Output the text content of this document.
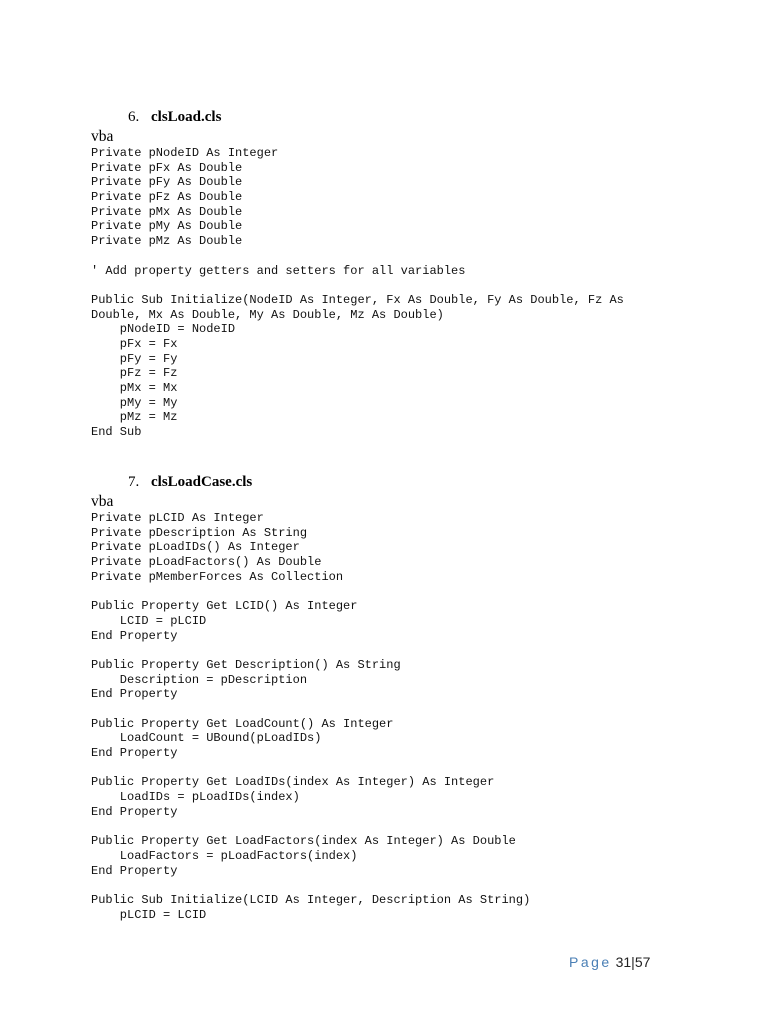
6. clsLoad.cls

vba
Private pNodeID As Integer
Private pFx As Double
Private pFy As Double
Private pFz As Double
Private pMx As Double
Private pMy As Double
Private pMz As Double
' Add property getters and setters for all variables
Public Sub Initialize(NodeID As Integer, Fx As Double, Fy As Double, Fz As
Double, Mx As Double, My As Double, Mz As Double)
pNodeID = NodeID
pFx = Fx
pFy = Fy
pFz = Fz
pMx = Mx
pMy = My
pMz = Mz
End Sub

7. clsLoadCase.cls

vba
Private pLCID As Integer
Private pDescription As String
Private pLoadIDs() As Integer
Private pLoadFactors() As Double
Private pMemberForces As Collection
Public Property Get LCID() As Integer
LCID = pLCID
End Property
Public Property Get Description() As String
Description = pDescription
End Property
Public Property Get LoadCount() As Integer
LoadCount = UBound(pLoadIDs)
End Property
Public Property Get LoadIDs(index As Integer) As Integer
LoadIDs = pLoadIDs(index)
End Property
Public Property Get LoadFactors(index As Integer) As Double
LoadFactors = pLoadFactors(index)
End Property
Public Sub Initialize(LCID As Integer, Description As String)
pLCID = LCID
Page 31|57
